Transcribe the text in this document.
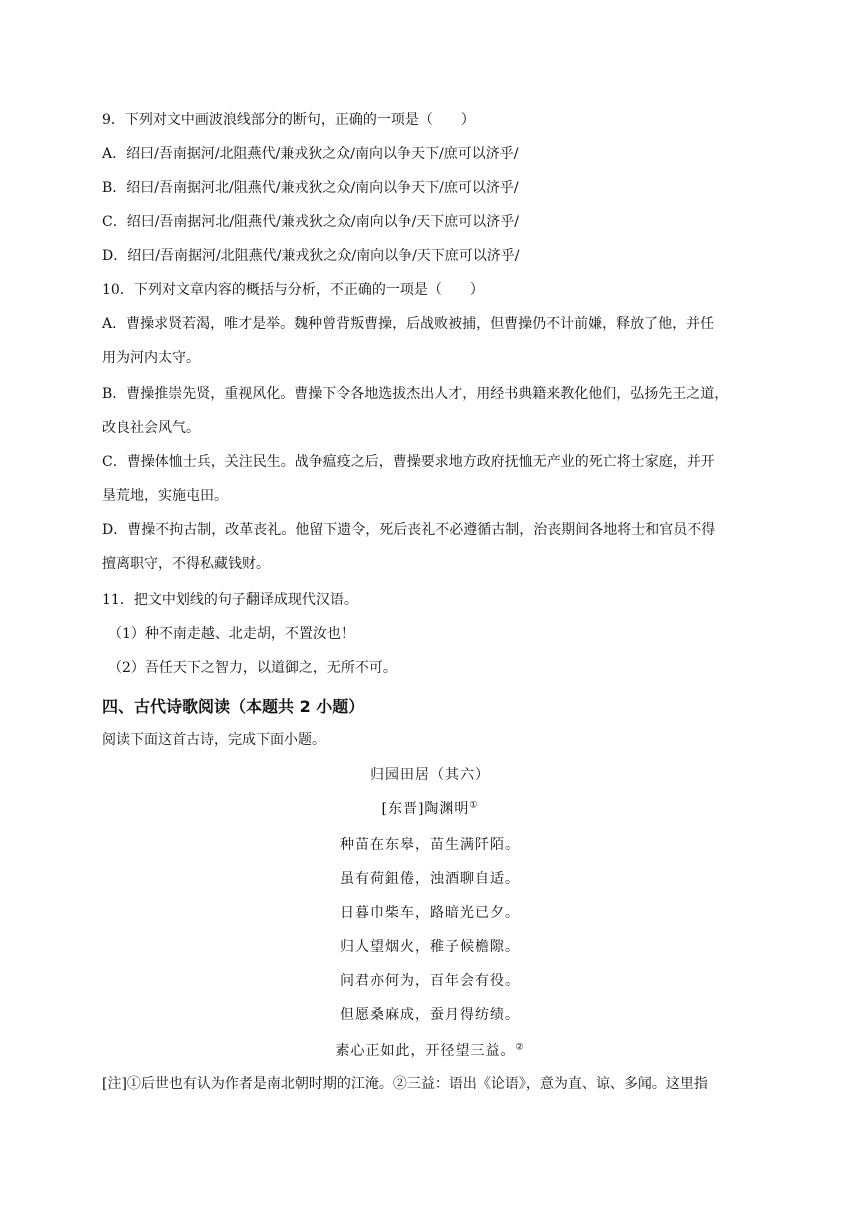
9．下列对文中画波浪线部分的断句，正确的一项是（　　）
A．绍曰/吾南据河/北阻燕代/兼戎狄之众/南向以争天下/庶可以济乎/
B．绍曰/吾南据河北/阻燕代/兼戎狄之众/南向以争天下/庶可以济乎/
C．绍曰/吾南据河北/阻燕代/兼戎狄之众/南向以争/天下庶可以济乎/
D．绍曰/吾南据河/北阻燕代/兼戎狄之众/南向以争/天下庶可以济乎/
10．下列对文章内容的概括与分析，不正确的一项是（　　）
A．曹操求贤若渴，唯才是举。魏种曾背叛曹操，后战败被捕，但曹操仍不计前嫌，释放了他，并任
用为河内太守。
B．曹操推崇先贤，重视风化。曹操下令各地选拔杰出人才，用经书典籍来教化他们，弘扬先王之道，
改良社会风气。
C．曹操体恤士兵，关注民生。战争瘟疫之后，曹操要求地方政府抚恤无产业的死亡将士家庭，并开
垦荒地，实施屯田。
D．曹操不拘古制，改革丧礼。他留下遗令，死后丧礼不必遵循古制，治丧期间各地将士和官员不得
擅离职守，不得私藏钱财。
11．把文中划线的句子翻译成现代汉语。
（1）种不南走越、北走胡，不置汝也！
（2）吾任天下之智力，以道御之，无所不可。
四、古代诗歌阅读（本题共 2 小题）
阅读下面这首古诗，完成下面小题。
归园田居（其六）
[东晋]陶渊明①
种苗在东皋，苗生满阡陌。
虽有荷鉏倦，浊酒聊自适。
日暮巾柴车，路暗光已夕。
归人望烟火，稚子候檐隙。
问君亦何为，百年会有役。
但愿桑麻成，蚕月得纺绩。
素心正如此，开径望三益。②
[注]①后世也有认为作者是南北朝时期的江淹。②三益：语出《论语》，意为直、谅、多闻。这里指
